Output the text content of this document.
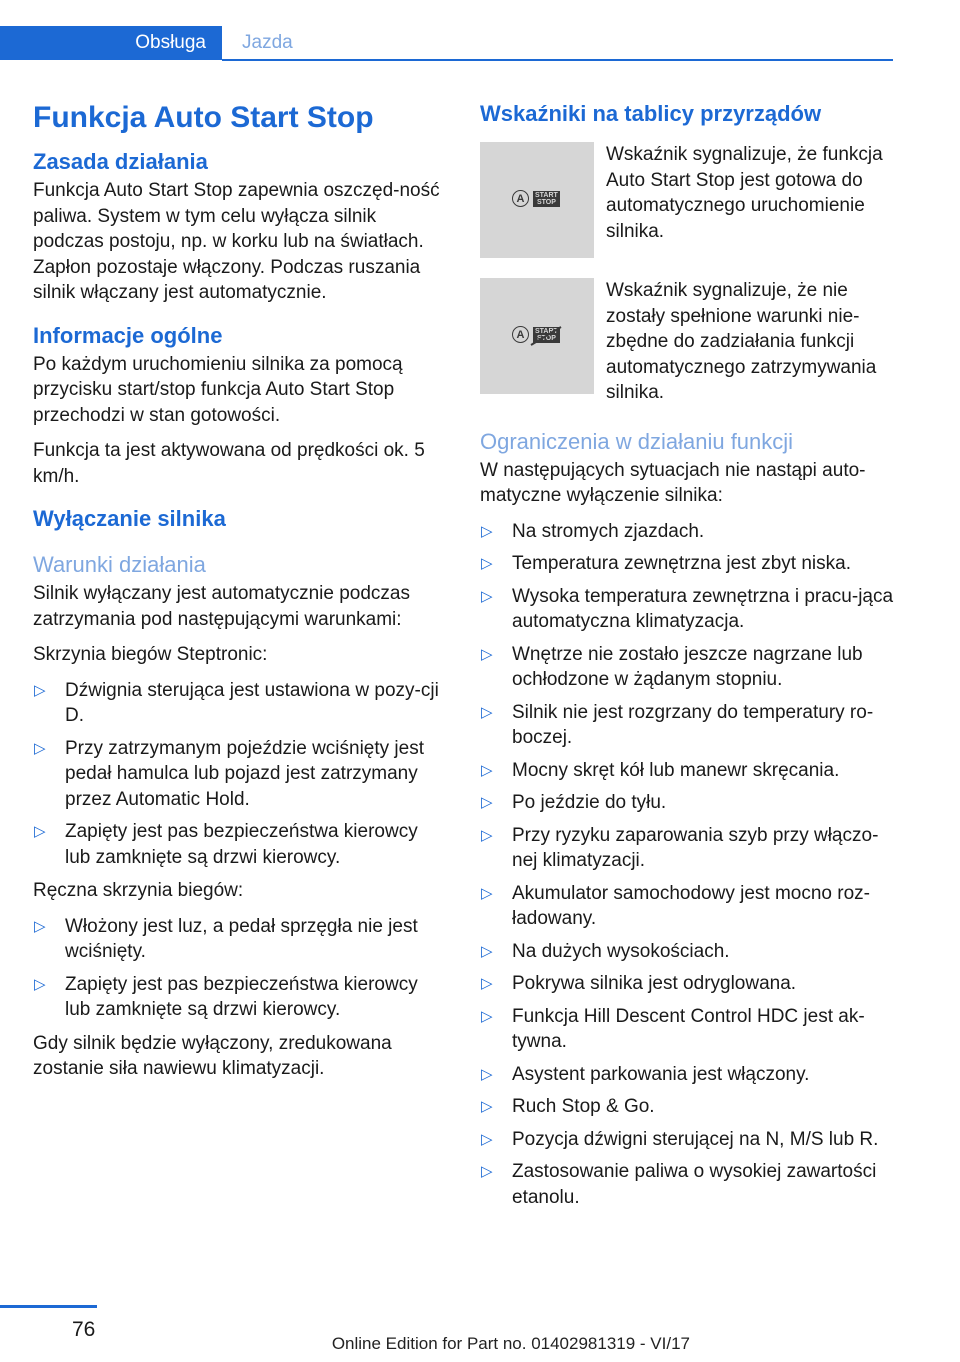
Obsługa	Jazda
Funkcja Auto Start Stop
Zasada działania

Funkcja Auto Start Stop zapewnia oszczęd‐ność paliwa. System w tym celu wyłącza silnik podczas postoju, np. w korku lub na światłach. Zapłon pozostaje włączony. Podczas ruszania silnik włączany jest automatycznie.

Informacje ogólne

Po każdym uruchomieniu silnika za pomocą przycisku start/stop funkcja Auto Start Stop przechodzi w stan gotowości.

Funkcja ta jest aktywowana od prędkości ok. 5 km/h.

Wyłączanie silnika
Warunki działania

Silnik wyłączany jest automatycznie podczas zatrzymania pod następującymi warunkami:

Skrzynia biegów Steptronic:

▷ Dźwignia sterująca jest ustawiona w pozy‐cji D.
▷ Przy zatrzymanym pojeździe wciśnięty jest pedał hamulca lub pojazd jest zatrzymany przez Automatic Hold.
▷ Zapięty jest pas bezpieczeństwa kierowcy lub zamknięte są drzwi kierowcy.

Ręczna skrzynia biegów:

▷ Włożony jest luz, a pedał sprzęgła nie jest wciśnięty.
▷ Zapięty jest pas bezpieczeństwa kierowcy lub zamknięte są drzwi kierowcy.

Gdy silnik będzie wyłączony, zredukowana zostanie siła nawiewu klimatyzacji.

Wskaźniki na tablicy przyrządów
A	START
STOP

Wskaźnik sygnalizuje, że funkcja Auto Start Stop jest gotowa do automatycznego uruchomienie silnika.

A	START
STOP

Wskaźnik sygnalizuje, że nie zostały spełnione warunki nie‐zbędne do zadziałania funkcji automatycznego zatrzymywania silnika.

Ograniczenia w działaniu funkcji

W następujących sytuacjach nie nastąpi auto‐matyczne wyłączenie silnika:

▷ Na stromych zjazdach.
▷ Temperatura zewnętrzna jest zbyt niska.
▷ Wysoka temperatura zewnętrzna i pracu‐jąca automatyczna klimatyzacja.
▷ Wnętrze nie zostało jeszcze nagrzane lub ochłodzone w żądanym stopniu.
▷ Silnik nie jest rozgrzany do temperatury ro‐boczej.
▷ Mocny skręt kół lub manewr skręcania.
▷ Po jeździe do tyłu.
▷ Przy ryzyku zaparowania szyb przy włączo‐nej klimatyzacji.
▷ Akumulator samochodowy jest mocno roz‐ładowany.
▷ Na dużych wysokościach.
▷ Pokrywa silnika jest odryglowana.
▷ Funkcja Hill Descent Control HDC jest ak‐tywna.
▷ Asystent parkowania jest włączony.
▷ Ruch Stop & Go.
▷ Pozycja dźwigni sterującej na N, M/S lub R.
▷ Zastosowanie paliwa o wysokiej zawartości etanolu.
76
Online Edition for Part no. 01402981319 - VI/17
